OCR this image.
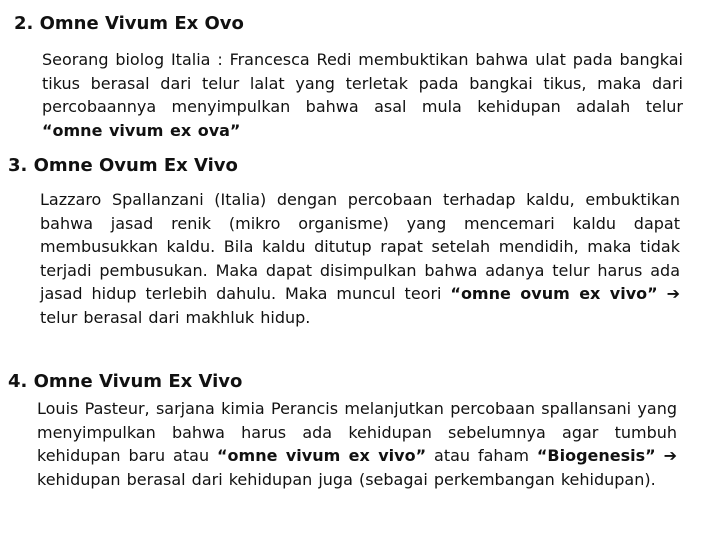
2. Omne Vivum Ex Ovo

Seorang biolog Italia : Francesca Redi membuktikan bahwa ulat pada bangkai tikus berasal dari telur lalat yang terletak pada bangkai tikus, maka dari percobaannya menyimpulkan bahwa asal mula kehidupan adalah telur “omne vivum ex ova”

3. Omne Ovum Ex Vivo

Lazzaro Spallanzani (Italia) dengan percobaan terhadap kaldu, embuktikan bahwa jasad renik (mikro organisme) yang mencemari kaldu dapat membusukkan kaldu. Bila kaldu ditutup rapat setelah mendidih, maka tidak terjadi pembusukan. Maka dapat disimpulkan bahwa adanya telur harus ada jasad hidup terlebih dahulu. Maka muncul teori “omne ovum ex vivo” ➔ telur berasal dari makhluk hidup.

4. Omne Vivum Ex Vivo

Louis Pasteur, sarjana kimia Perancis melanjutkan percobaan spallansani yang menyimpulkan bahwa harus ada kehidupan sebelumnya agar tumbuh kehidupan baru atau “omne vivum ex vivo” atau faham “Biogenesis” ➔ kehidupan berasal dari kehidupan juga (sebagai perkembangan kehidupan).
